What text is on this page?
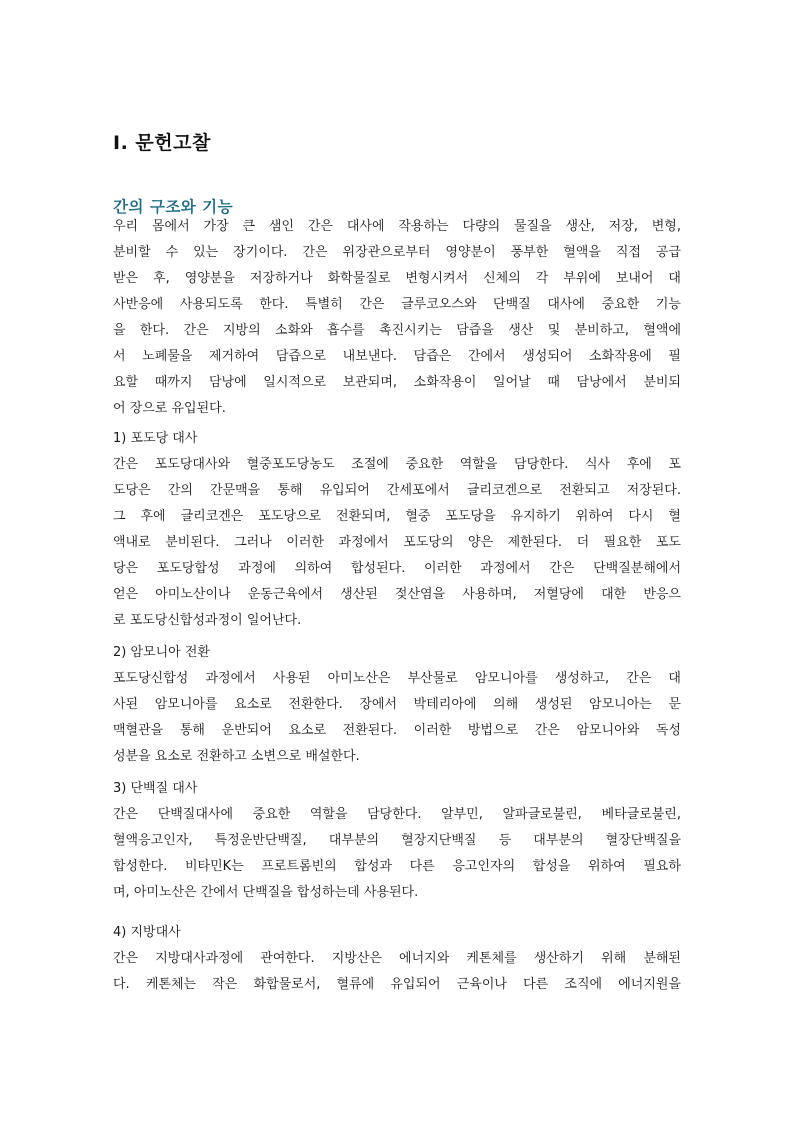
Ⅰ. 문헌고찰
간의 구조와 기능

우리 몸에서 가장 큰 샘인 간은 대사에 작용하는 다량의 물질을 생산, 저장, 변형,
분비할 수 있는 장기이다. 간은 위장관으로부터 영양분이 풍부한 혈액을 직접 공급
받은 후, 영양분을 저장하거나 화학물질로 변형시켜서 신체의 각 부위에 보내어 대
사반응에 사용되도록 한다. 특별히 간은 글루코오스와 단백질 대사에 중요한 기능
을 한다. 간은 지방의 소화와 흡수를 촉진시키는 담즙을 생산 및 분비하고, 혈액에
서 노폐물을 제거하여 담즙으로 내보낸다. 담즙은 간에서 생성되어 소화작용에 필
요할 때까지 담낭에 일시적으로 보관되며, 소화작용이 일어날 때 담낭에서 분비되
어 장으로 유입된다.

1) 포도당 대사

간은 포도당대사와 혈중포도당농도 조절에 중요한 역할을 담당한다. 식사 후에 포
도당은 간의 간문맥을 통해 유입되어 간세포에서 글리코겐으로 전환되고 저장된다.
그 후에 글리코겐은 포도당으로 전환되며, 혈중 포도당을 유지하기 위하여 다시 혈
액내로 분비된다. 그러나 이러한 과정에서 포도당의 양은 제한된다. 더 필요한 포도
당은 포도당합성 과정에 의하여 합성된다. 이러한 과정에서 간은 단백질분해에서
얻은 아미노산이나 운동근육에서 생산된 젖산염을 사용하며, 저혈당에 대한 반응으
로 포도당신합성과정이 일어난다.

2) 암모니아 전환

포도당신합성 과정에서 사용된 아미노산은 부산물로 암모니아를 생성하고, 간은 대
사된 암모니아를 요소로 전환한다. 장에서 박테리아에 의해 생성된 암모니아는 문
맥혈관을 통해 운반되어 요소로 전환된다. 이러한 방법으로 간은 암모니아와 독성
성분을 요소로 전환하고 소변으로 배설한다.

3) 단백질 대사

간은 단백질대사에 중요한 역할을 담당한다. 알부민, 알파글로불린, 베타글로불린,
혈액응고인자, 특정운반단백질, 대부분의 혈장지단백질 등 대부분의 혈장단백질을
합성한다. 비타민K는 프로트롬빈의 합성과 다른 응고인자의 합성을 위하여 필요하
며, 아미노산은 간에서 단백질을 합성하는데 사용된다.

4) 지방대사

간은 지방대사과정에 관여한다. 지방산은 에너지와 케톤체를 생산하기 위해 분해된
다. 케톤체는 작은 화합물로서, 혈류에 유입되어 근육이나 다른 조직에 에너지원을
